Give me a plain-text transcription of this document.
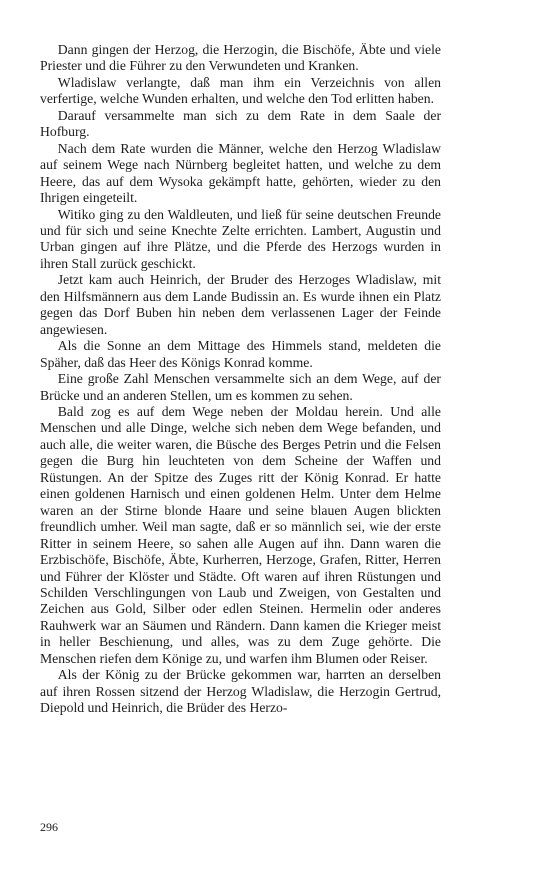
Dann gingen der Herzog, die Herzogin, die Bischöfe, Äbte und viele Priester und die Führer zu den Verwundeten und Kranken.

Wladislaw verlangte, daß man ihm ein Verzeichnis von allen verfertige, welche Wunden erhalten, und welche den Tod erlitten haben.

Darauf versammelte man sich zu dem Rate in dem Saale der Hofburg.

Nach dem Rate wurden die Männer, welche den Herzog Wladislaw auf seinem Wege nach Nürnberg begleitet hatten, und welche zu dem Heere, das auf dem Wysoka gekämpft hatte, gehörten, wieder zu den Ihrigen eingeteilt.

Witiko ging zu den Waldleuten, und ließ für seine deutschen Freunde und für sich und seine Knechte Zelte errichten. Lambert, Augustin und Urban gingen auf ihre Plätze, und die Pferde des Herzogs wurden in ihren Stall zurück geschickt.

Jetzt kam auch Heinrich, der Bruder des Herzoges Wladislaw, mit den Hilfsmännern aus dem Lande Budissin an. Es wurde ihnen ein Platz gegen das Dorf Buben hin neben dem verlassenen Lager der Feinde angewiesen.

Als die Sonne an dem Mittage des Himmels stand, meldeten die Späher, daß das Heer des Königs Konrad komme.

Eine große Zahl Menschen versammelte sich an dem Wege, auf der Brücke und an anderen Stellen, um es kommen zu sehen.

Bald zog es auf dem Wege neben der Moldau herein. Und alle Menschen und alle Dinge, welche sich neben dem Wege befanden, und auch alle, die weiter waren, die Büsche des Berges Petrin und die Felsen gegen die Burg hin leuchteten von dem Scheine der Waffen und Rüstungen. An der Spitze des Zuges ritt der König Konrad. Er hatte einen goldenen Harnisch und einen goldenen Helm. Unter dem Helme waren an der Stirne blonde Haare und seine blauen Augen blickten freundlich umher. Weil man sagte, daß er so männlich sei, wie der erste Ritter in seinem Heere, so sahen alle Augen auf ihn. Dann waren die Erzbischöfe, Bischöfe, Äbte, Kurherren, Herzoge, Grafen, Ritter, Herren und Führer der Klöster und Städte. Oft waren auf ihren Rüstungen und Schilden Verschlingungen von Laub und Zweigen, von Gestalten und Zeichen aus Gold, Silber oder edlen Steinen. Hermelin oder anderes Rauhwerk war an Säumen und Rändern. Dann kamen die Krieger meist in heller Beschienung, und alles, was zu dem Zuge gehörte. Die Menschen riefen dem Könige zu, und warfen ihm Blumen oder Reiser.

Als der König zu der Brücke gekommen war, harrten an derselben auf ihren Rossen sitzend der Herzog Wladislaw, die Herzogin Gertrud, Diepold und Heinrich, die Brüder des Herzo-

296
